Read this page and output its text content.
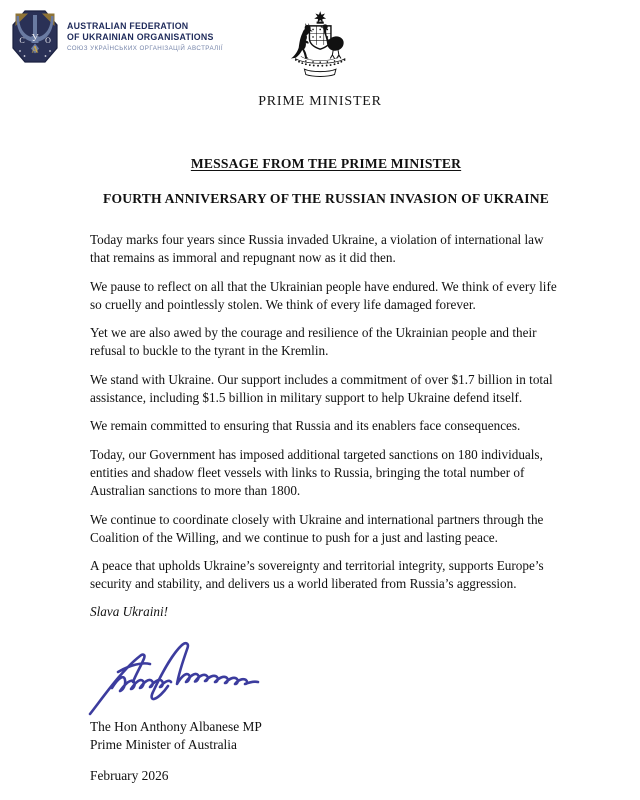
С У О
А
AUSTRALIAN FEDERATION
OF UKRAINIAN ORGANISATIONS
СОЮЗ УКРАЇНСЬКИХ ОРГАНІЗАЦІЙ АВСТРАЛІЇ
PRIME MINISTER
MESSAGE FROM THE PRIME MINISTER
FOURTH ANNIVERSARY OF THE RUSSIAN INVASION OF UKRAINE

Today marks four years since Russia invaded Ukraine, a violation of international law that remains as immoral and repugnant now as it did then.

We pause to reflect on all that the Ukrainian people have endured. We think of every life so cruelly and pointlessly stolen. We think of every life damaged forever.

Yet we are also awed by the courage and resilience of the Ukrainian people and their refusal to buckle to the tyrant in the Kremlin.

We stand with Ukraine. Our support includes a commitment of over $1.7 billion in total assistance, including $1.5 billion in military support to help Ukraine defend itself.

We remain committed to ensuring that Russia and its enablers face consequences.

Today, our Government has imposed additional targeted sanctions on 180 individuals, entities and shadow fleet vessels with links to Russia, bringing the total number of Australian sanctions to more than 1800.

We continue to coordinate closely with Ukraine and international partners through the Coalition of the Willing, and we continue to push for a just and lasting peace.

A peace that upholds Ukraine’s sovereignty and territorial integrity, supports Europe’s security and stability, and delivers us a world liberated from Russia’s aggression.

Slava Ukraini!

The Hon Anthony Albanese MP
Prime Minister of Australia
February 2026
